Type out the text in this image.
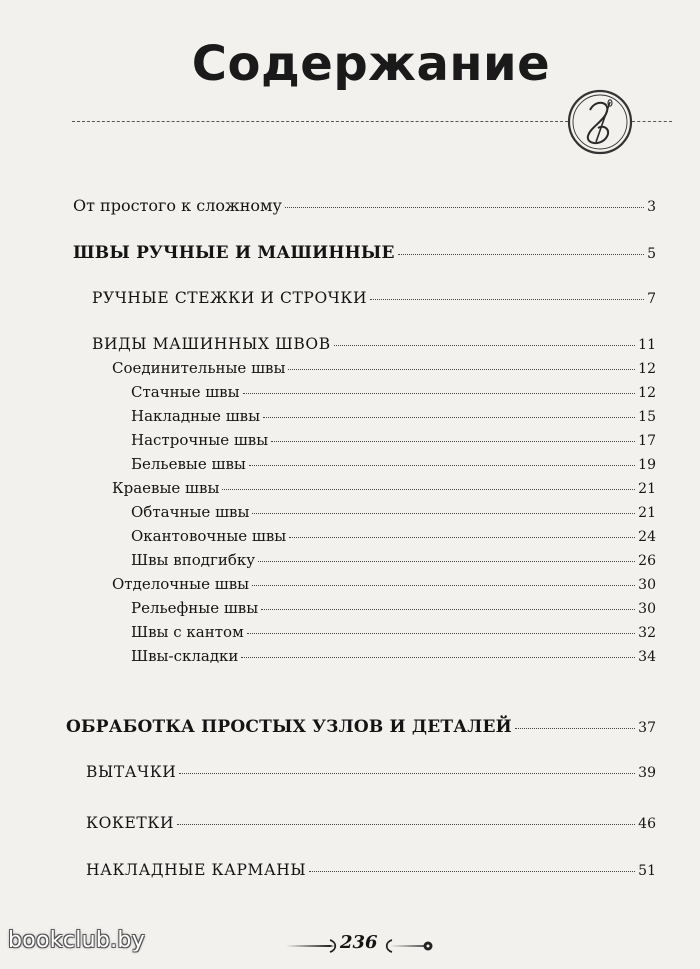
Содержание
От простого к сложному	3
ШВЫ РУЧНЫЕ И МАШИННЫЕ	5
РУЧНЫЕ СТЕЖКИ И СТРОЧКИ	7
ВИДЫ МАШИННЫХ ШВОВ	11
Соединительные швы	12
Стачные швы	12
Накладные швы	15
Настрочные швы	17
Бельевые швы	19
Краевые швы	21
Обтачные швы	21
Окантовочные швы	24
Швы вподгибку	26
Отделочные швы	30
Рельефные швы	30
Швы с кантом	32
Швы-складки	34
ОБРАБОТКА ПРОСТЫХ УЗЛОВ И ДЕТАЛЕЙ	37
ВЫТАЧКИ	39
КОКЕТКИ	46
НАКЛАДНЫЕ КАРМАНЫ	51
bookclub.by	236
